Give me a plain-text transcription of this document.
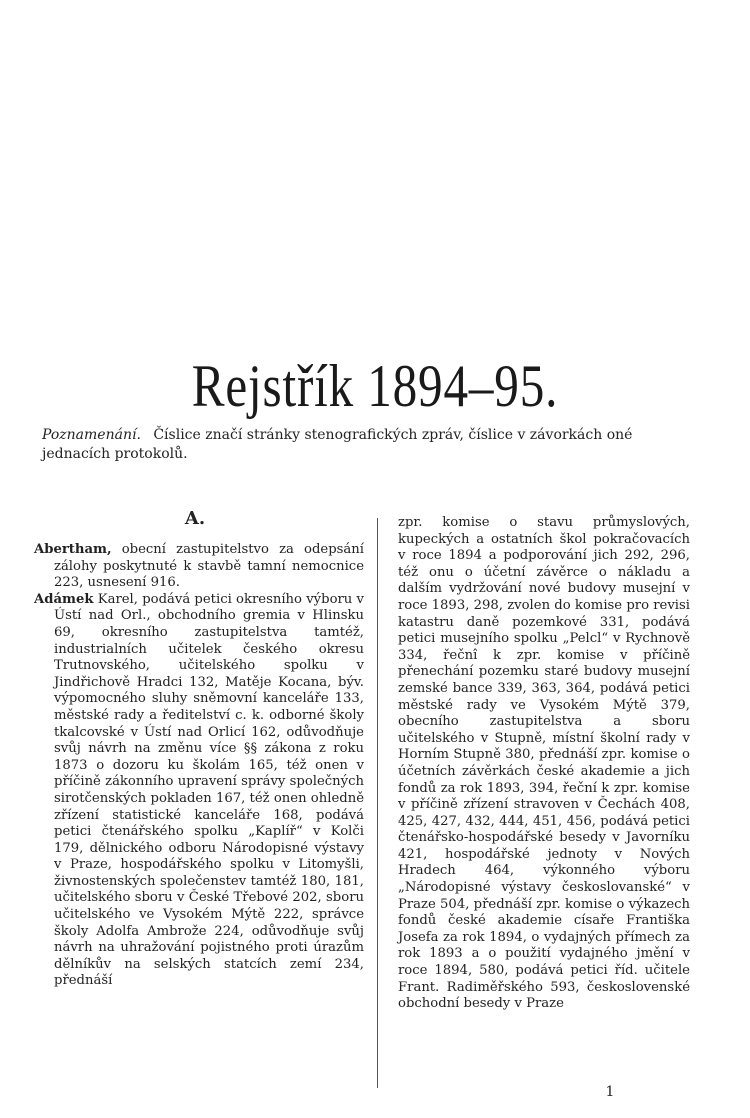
Rejstřík 1894–95.
Poznamenání. Číslice značí stránky stenografických zpráv, číslice v závorkách oné jednacích protokolů.
A.

Abertham, obecní zastupitelstvo za odepsání zálohy poskytnuté k stavbě tamní nemocnice 223, usnesení 916.

Adámek Karel, podává petici okresního výboru v Ústí nad Orl., obchodního gremia v Hlinsku 69, okresního zastupitelstva tamtéž, industrialních učitelek českého okresu Trutnovského, učitelského spolku v Jindřichově Hradci 132, Matěje Kocana, býv. výpomocného sluhy sněmovní kanceláře 133, městské rady a ředitelství c. k. odborné školy tkalcovské v Ústí nad Orlicí 162, odůvodňuje svůj návrh na změnu více §§ zákona z roku 1873 o dozoru ku školám 165, též onen v příčině zákonního upravení správy společných sirotčenských pokladen 167, též onen ohledně zřízení statistické kanceláře 168, podává petici čtenářského spolku „Kaplíř“ v Kolči 179, dělnického odboru Národopisné výstavy v Praze, hospodářského spolku v Litomyšli, živnostenských společenstev tamtéž 180, 181, učitelského sboru v České Třebové 202, sboru učitelského ve Vysokém Mýtě 222, správce školy Adolfa Ambrože 224, odůvodňuje svůj návrh na uhražování pojistného proti úrazům dělníkův na selských statcích zemí 234, přednáší

zpr. komise o stavu průmyslových, kupeckých a ostatních škol pokračovacích v roce 1894 a podporování jich 292, 296, též onu o účetní závěrce o nákladu a dalším vydržování nové budovy musejní v roce 1893, 298, zvolen do komise pro revisi katastru daně pozemkové 331, podává petici musejního spolku „Pelcl“ v Rychnově 334, řečnî k zpr. komise v příčině přenechání pozemku staré budovy musejní zemské bance 339, 363, 364, podává petici městské rady ve Vysokém Mýtě 379, obecního zastupitelstva a sboru učitelského v Stupně, místní školní rady v Horním Stupně 380, přednáší zpr. komise o účetních závěrkách české akademie a jich fondů za rok 1893, 394, řeční k zpr. komise v příčině zřízení stravoven v Čechách 408, 425, 427, 432, 444, 451, 456, podává petici čtenářsko-hospodářské besedy v Javorníku 421, hospodářské jednoty v Nových Hradech 464, výkonného výboru „Národopisné výstavy českoslovanské“ v Praze 504, přednáší zpr. komise o výkazech fondů české akademie císaře Františka Josefa za rok 1894, o vydajných přímech za rok 1893 a o použití vydajného jmění v roce 1894, 580, podává petici říd. učitele Frant. Radiměřského 593, československé obchodní besedy v Praze

1
